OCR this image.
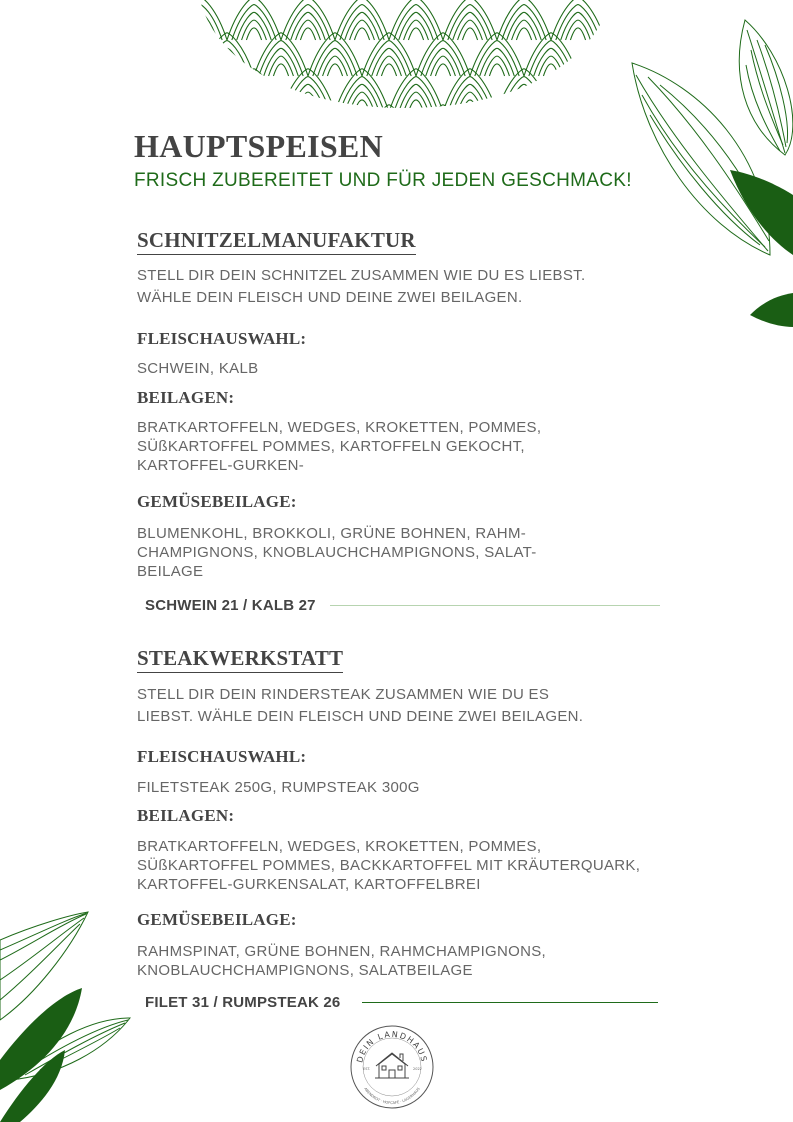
HAUPTSPEISEN

FRISCH ZUBEREITET UND FÜR JEDEN GESCHMACK!

SCHNITZELMANUFAKTUR

STELL DIR DEIN SCHNITZEL ZUSAMMEN WIE DU ES LIEBST.

WÄHLE DEIN FLEISCH UND DEINE ZWEI BEILAGEN.

FLEISCHAUSWAHL:

SCHWEIN, KALB

BEILAGEN:

BRATKARTOFFELN, WEDGES, KROKETTEN, POMMES,

SÜßKARTOFFEL POMMES, KARTOFFELN GEKOCHT,

KARTOFFEL-GURKEN-

GEMÜSEBEILAGE:

BLUMENKOHL, BROKKOLI, GRÜNE BOHNEN, RAHM-

CHAMPIGNONS, KNOBLAUCHCHAMPIGNONS, SALAT-

BEILAGE

SCHWEIN 21 / KALB 27
STEAKWERKSTATT

STELL DIR DEIN RINDERSTEAK ZUSAMMEN WIE DU ES

LIEBST. WÄHLE DEIN FLEISCH UND DEINE ZWEI BEILAGEN.

FLEISCHAUSWAHL:

FILETSTEAK 250G, RUMPSTEAK 300G

BEILAGEN:

BRATKARTOFFELN, WEDGES, KROKETTEN, POMMES,

SÜßKARTOFFEL POMMES, BACKKARTOFFEL MIT KRÄUTERQUARK,

KARTOFFEL-GURKENSALAT, KARTOFFELBREI

GEMÜSEBEILAGE:

RAHMSPINAT, GRÜNE BOHNEN, RAHMCHAMPIGNONS,

KNOBLAUCHCHAMPIGNONS, SALATBEILAGE

FILET 31 / RUMPSTEAK 26
DEIN LANDHAUS
ABENDROT · HOFCAFÉ · LAGERHAUS
EST.	2022
